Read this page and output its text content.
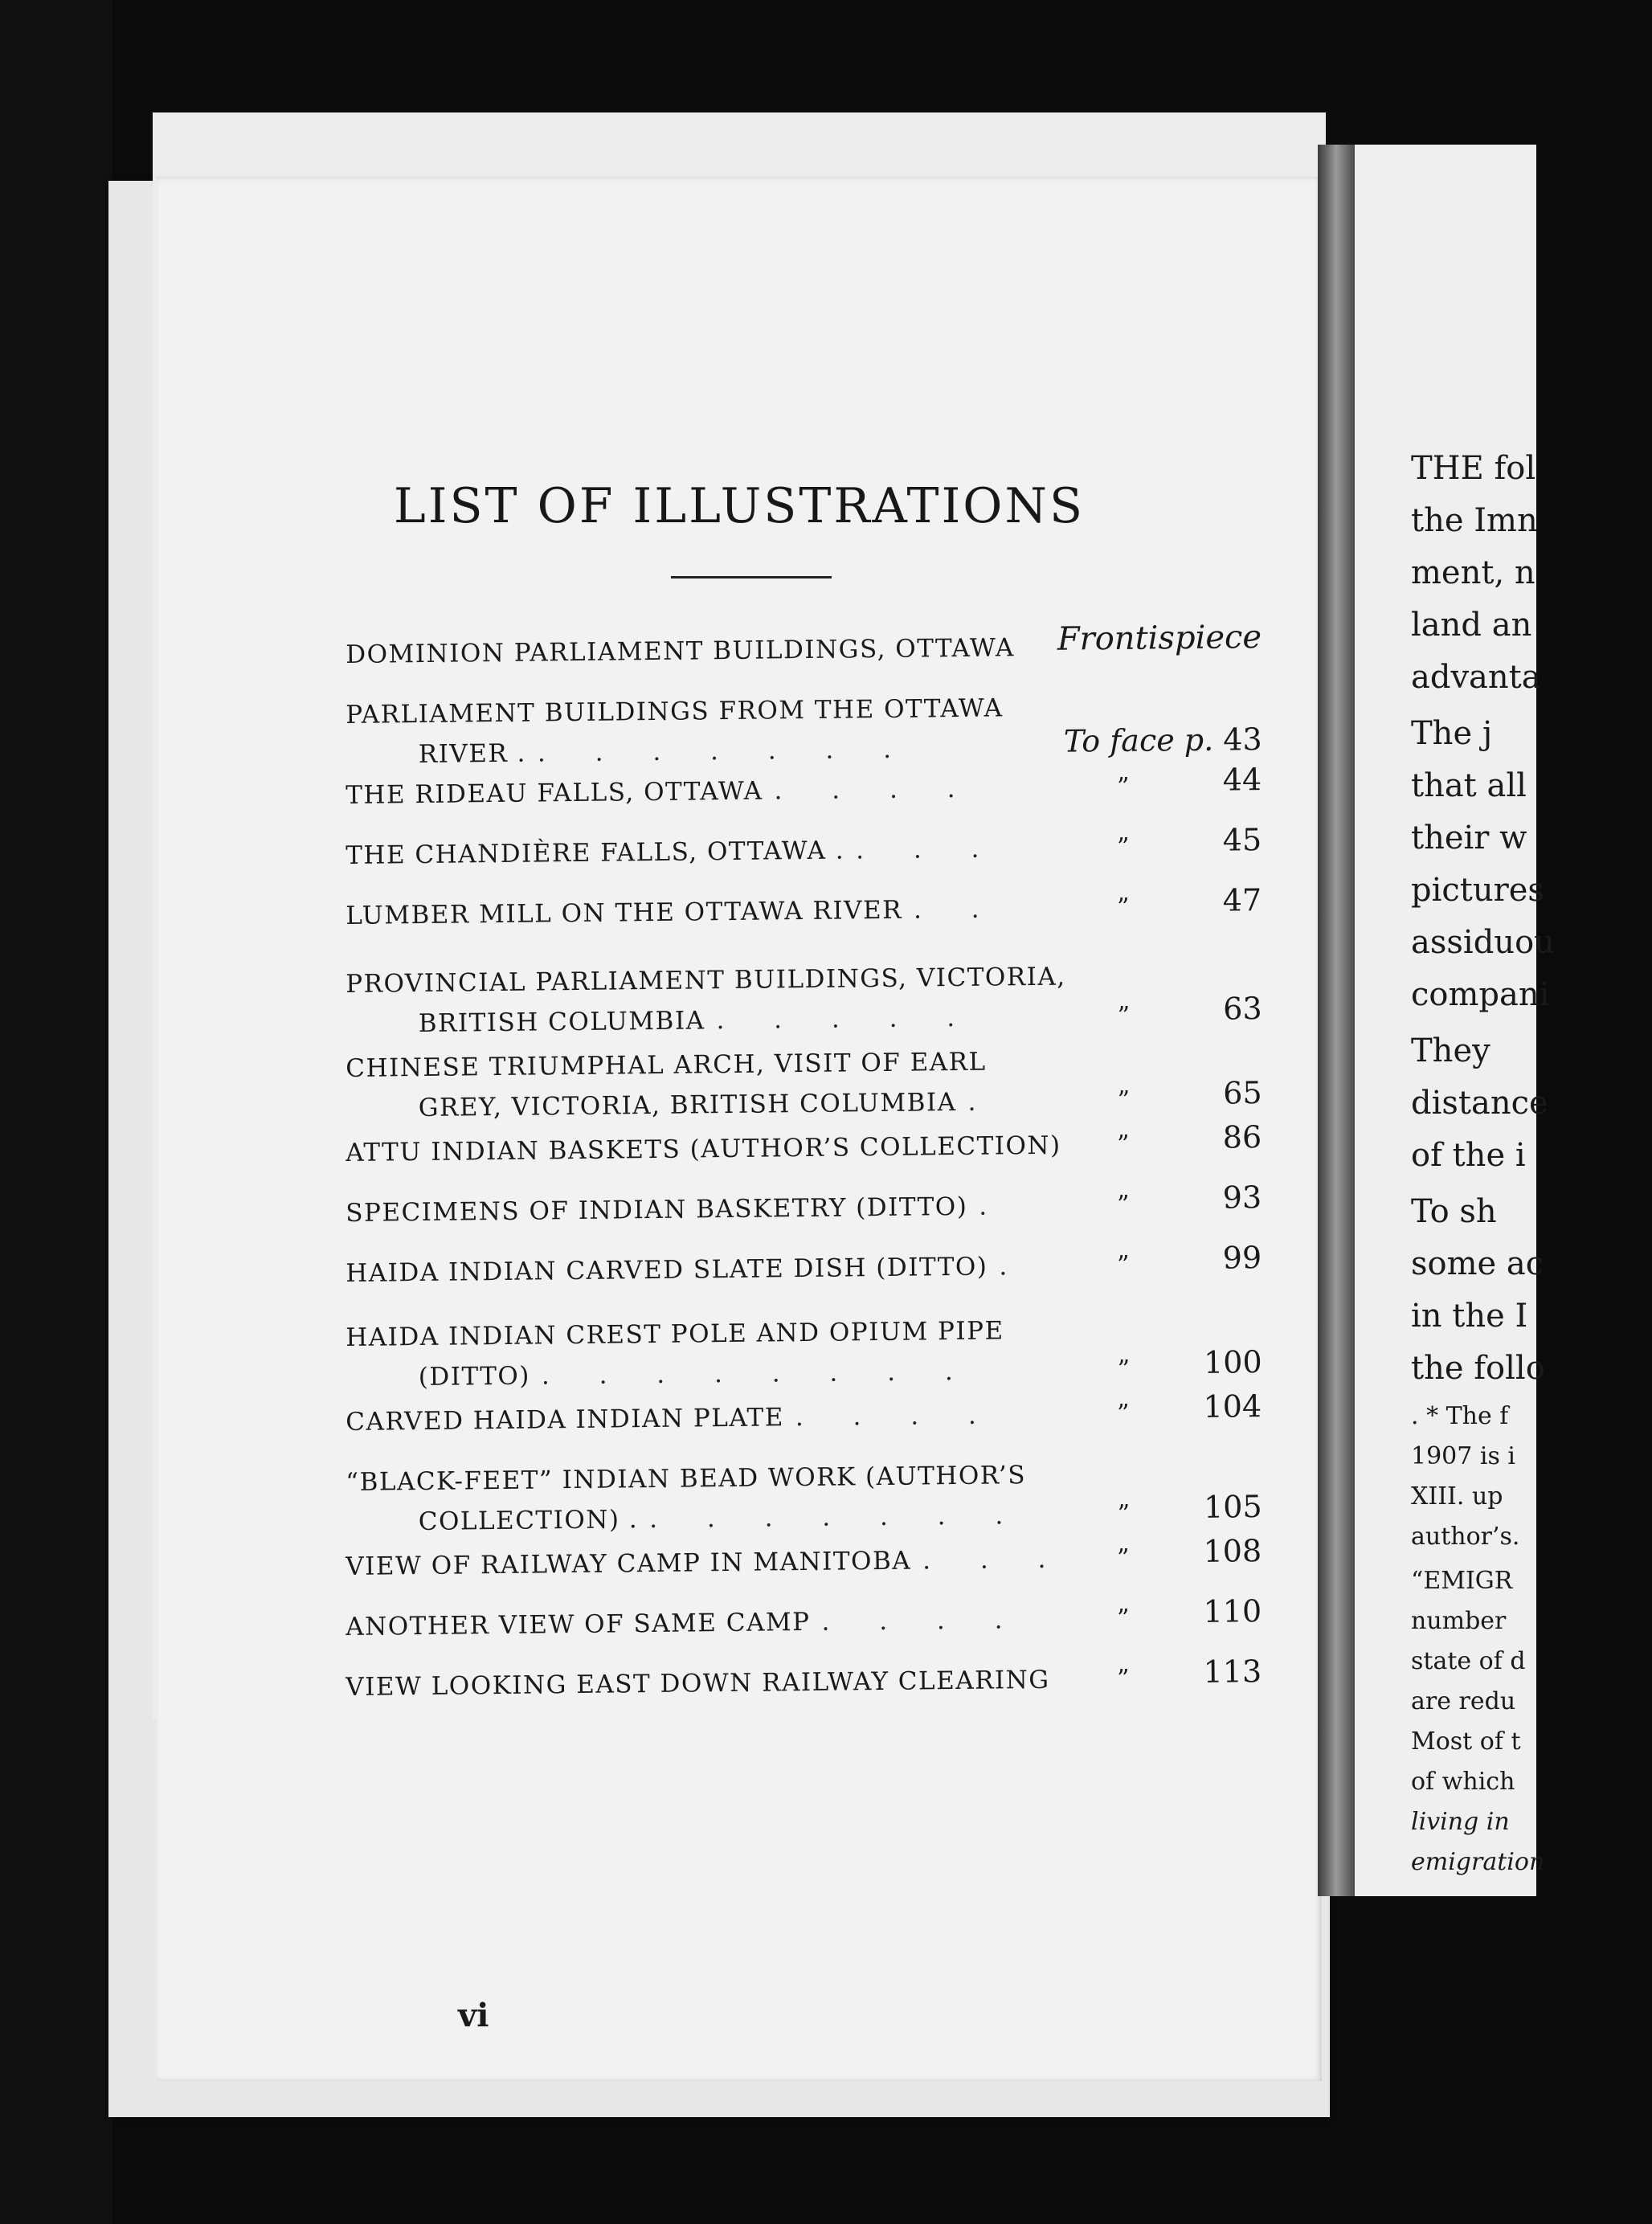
LIST OF ILLUSTRATIONS
DOMINION PARLIAMENT BUILDINGS, OTTAWA Frontispiece
PARLIAMENT BUILDINGS FROM THE OTTAWA
RIVER . . . . . . . .	To face p. 43
THE RIDEAU FALLS, OTTAWA . . . .	”	44
THE CHANDIÈRE FALLS, OTTAWA . . . .	”	45
LUMBER MILL ON THE OTTAWA RIVER . .	”	47
PROVINCIAL PARLIAMENT BUILDINGS, VICTORIA,
BRITISH COLUMBIA . . . . .	”	63
CHINESE TRIUMPHAL ARCH, VISIT OF EARL
GREY, VICTORIA, BRITISH COLUMBIA .	”	65
ATTU INDIAN BASKETS (AUTHOR’S COLLECTION) ”	86
SPECIMENS OF INDIAN BASKETRY (DITTO) .	”	93
HAIDA INDIAN CARVED SLATE DISH (DITTO) .	”	99
HAIDA INDIAN CREST POLE AND OPIUM PIPE
(DITTO) . . . . . . . .	” 100
CARVED HAIDA INDIAN PLATE . . . .	” 104
“BLACK-FEET” INDIAN BEAD WORK (AUTHOR’S
COLLECTION) . . . . . . . .	” 105
VIEW OF RAILWAY CAMP IN MANITOBA . . . ” 108
ANOTHER VIEW OF SAME CAMP . . . .	” 110
VIEW LOOKING EAST DOWN RAILWAY CLEARING	” 113
vi
THE fol
the Imn
ment, n
land an
advanta
The j
that all
their w
pictures
assiduou
compani
They
distance
of the i
To sh
some ac
in the I
the follo
. * The f
1907 is i
XIII. up
author’s.
“EMIGR
number
state of d
are redu
Most of t
of which
living in
emigration
